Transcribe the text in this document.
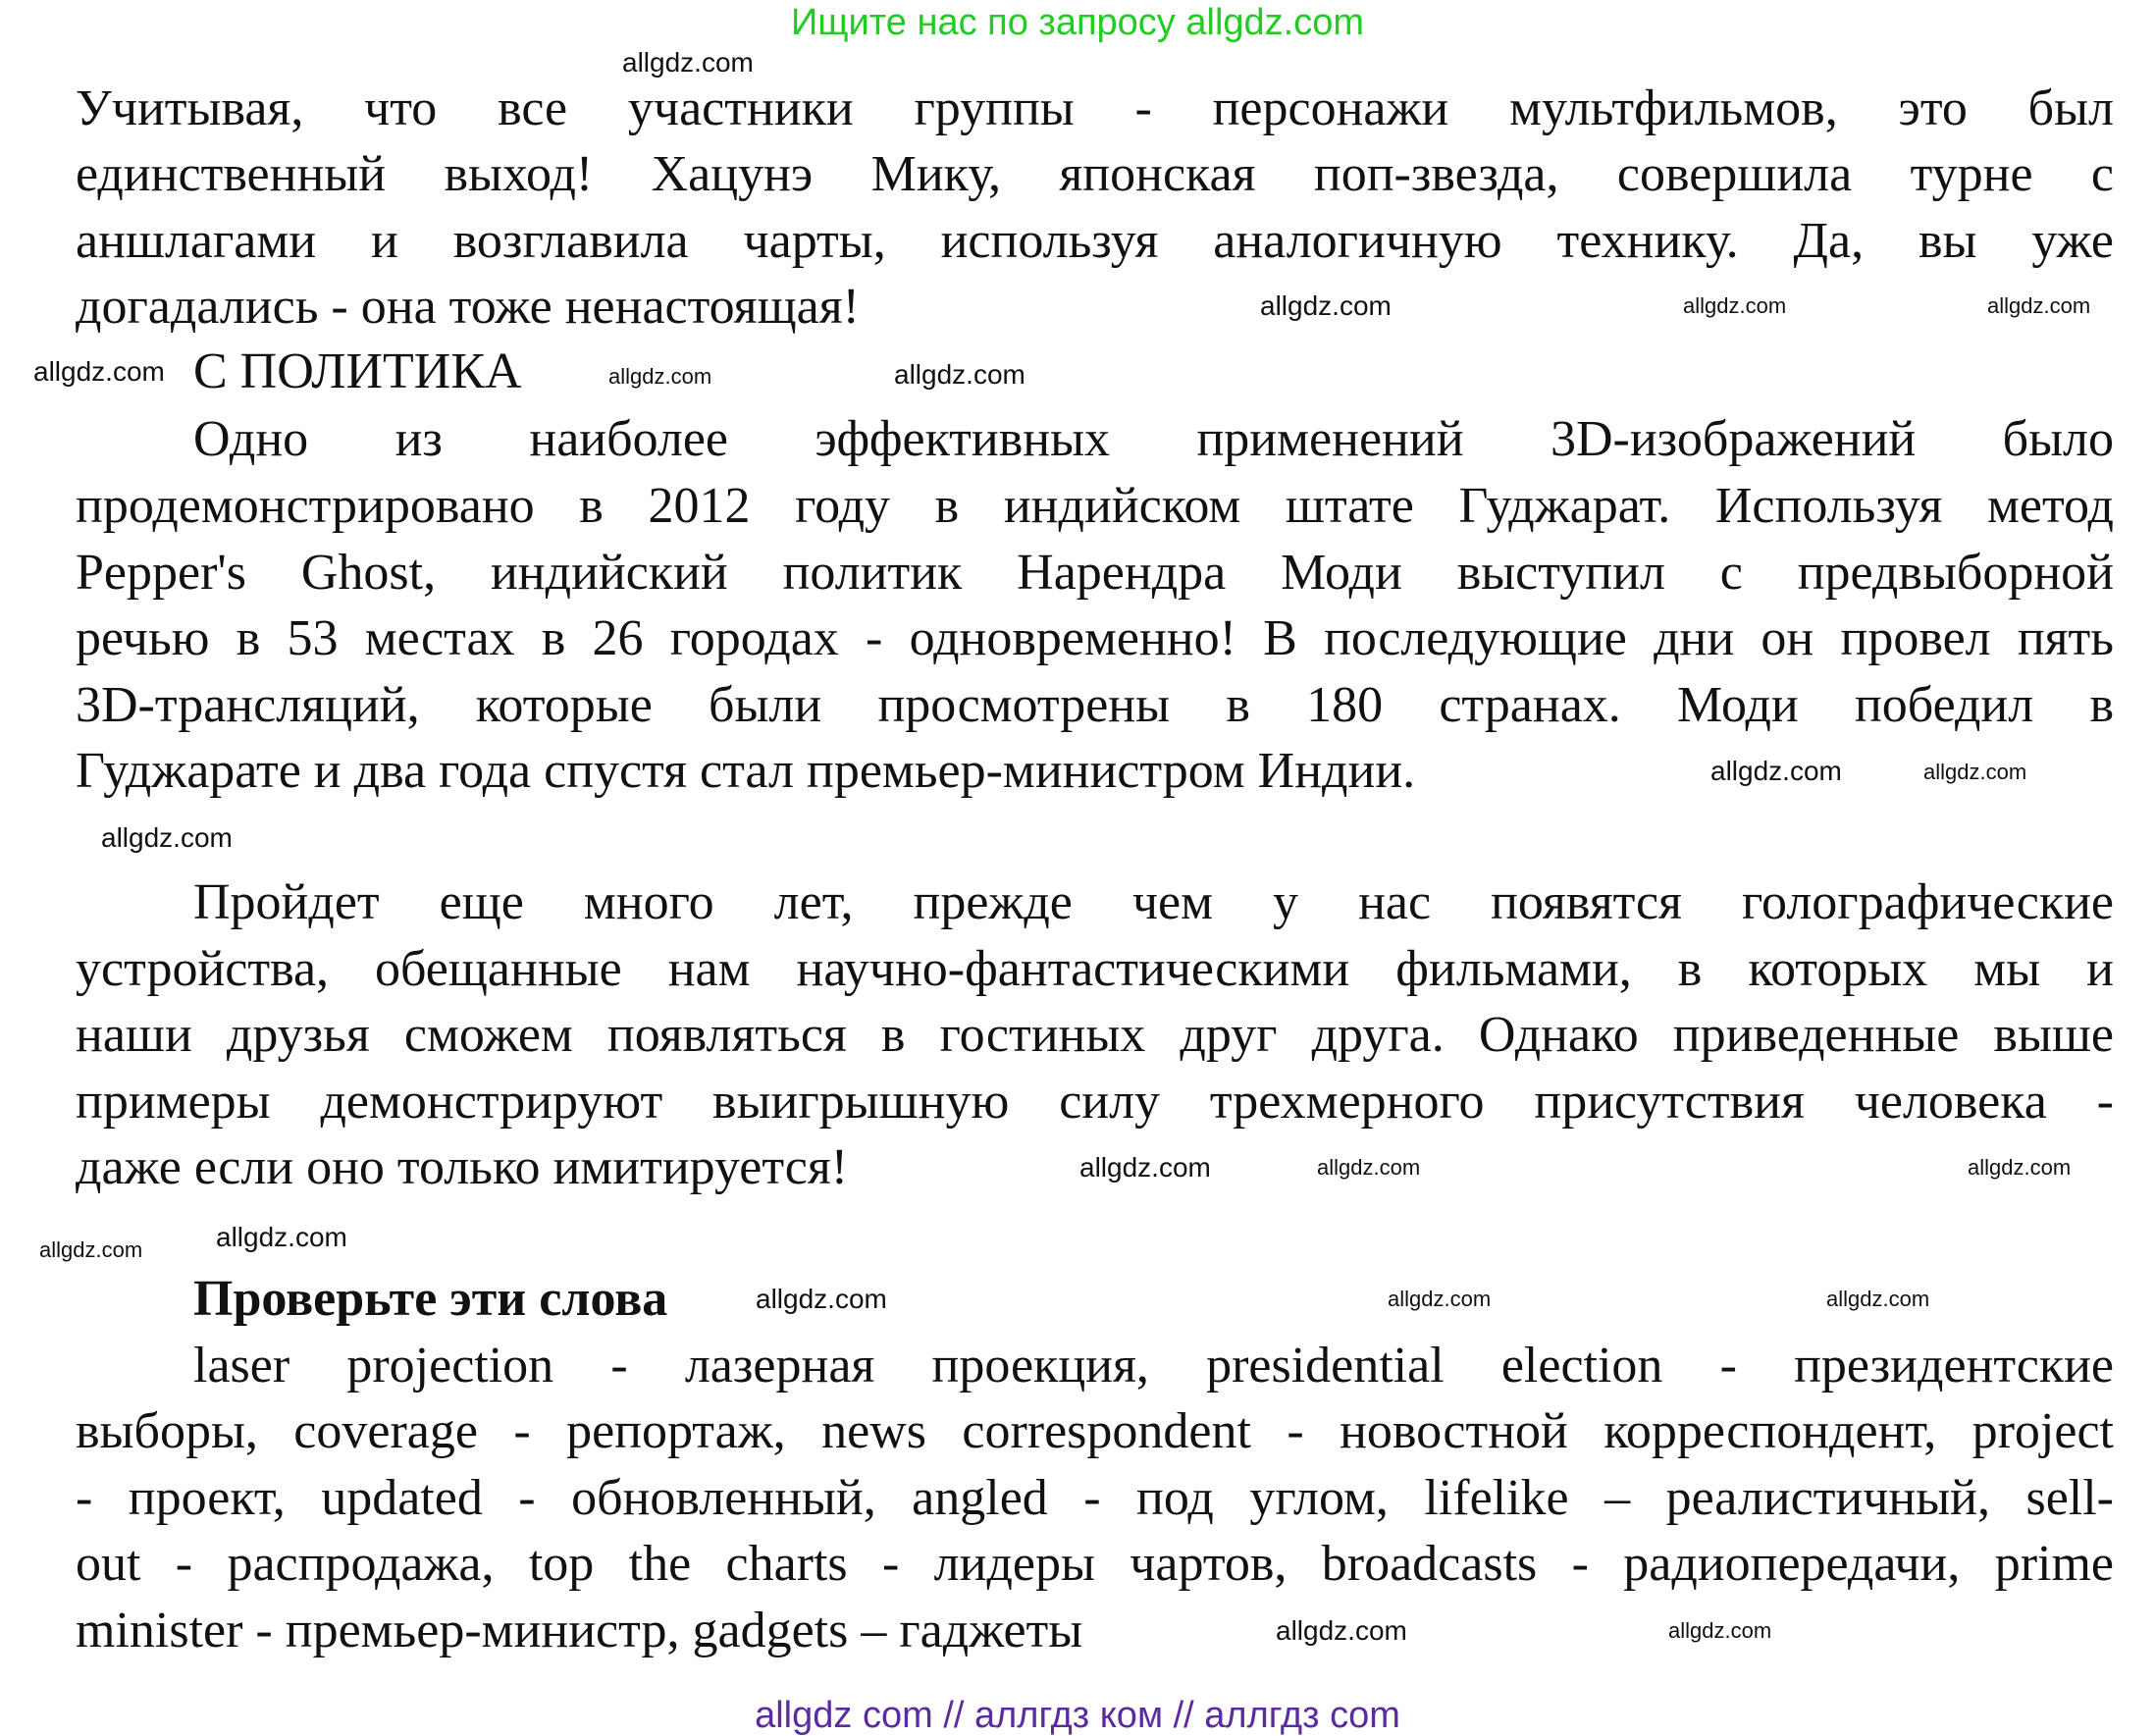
Ищите нас по запросу allgdz.com
С ПОЛИТИКА
Проверьте эти слова
allgdz com // аллгдз ком // аллгдз com
Учитывая, что все участники группы - персонажи мультфильмов, это был
единственный выход! Хацунэ Мику, японская поп-звезда, совершила турне с
аншлагами и возглавила чарты, используя аналогичную технику. Да, вы уже
догадались - она тоже ненастоящая!
Одно из наиболее эффективных применений 3D-изображений было
продемонстрировано в 2012 году в индийском штате Гуджарат. Используя метод
Pepper's Ghost, индийский политик Нарендра Моди выступил с предвыборной
речью в 53 местах в 26 городах - одновременно! В последующие дни он провел пять
3D-трансляций, которые были просмотрены в 180 странах. Моди победил в
Гуджарате и два года спустя стал премьер-министром Индии.
Пройдет еще много лет, прежде чем у нас появятся голографические
устройства, обещанные нам научно-фантастическими фильмами, в которых мы и
наши друзья сможем появляться в гостиных друг друга. Однако приведенные выше
примеры демонстрируют выигрышную силу трехмерного присутствия человека -
даже если оно только имитируется!
laser projection - лазерная проекция, presidential election - президентские
выборы, coverage - репортаж, news correspondent - новостной корреспондент, project
- проект, updated - обновленный, angled - под углом, lifelike – реалистичный, sell-
out - распродажа, top the charts - лидеры чартов, broadcasts - радиопередачи, prime
minister - премьер-министр, gadgets – гаджеты
allgdz.com
allgdz.com	allgdz.com
allgdz.com
allgdz.com	allgdz.com
allgdz.com
allgdz.com
allgdz.com
allgdz.com
allgdz.com	allgdz.com
allgdz.com
allgdz.com
allgdz.com	allgdz.com
allgdz.com
allgdz.com
allgdz.com
allgdz.com
